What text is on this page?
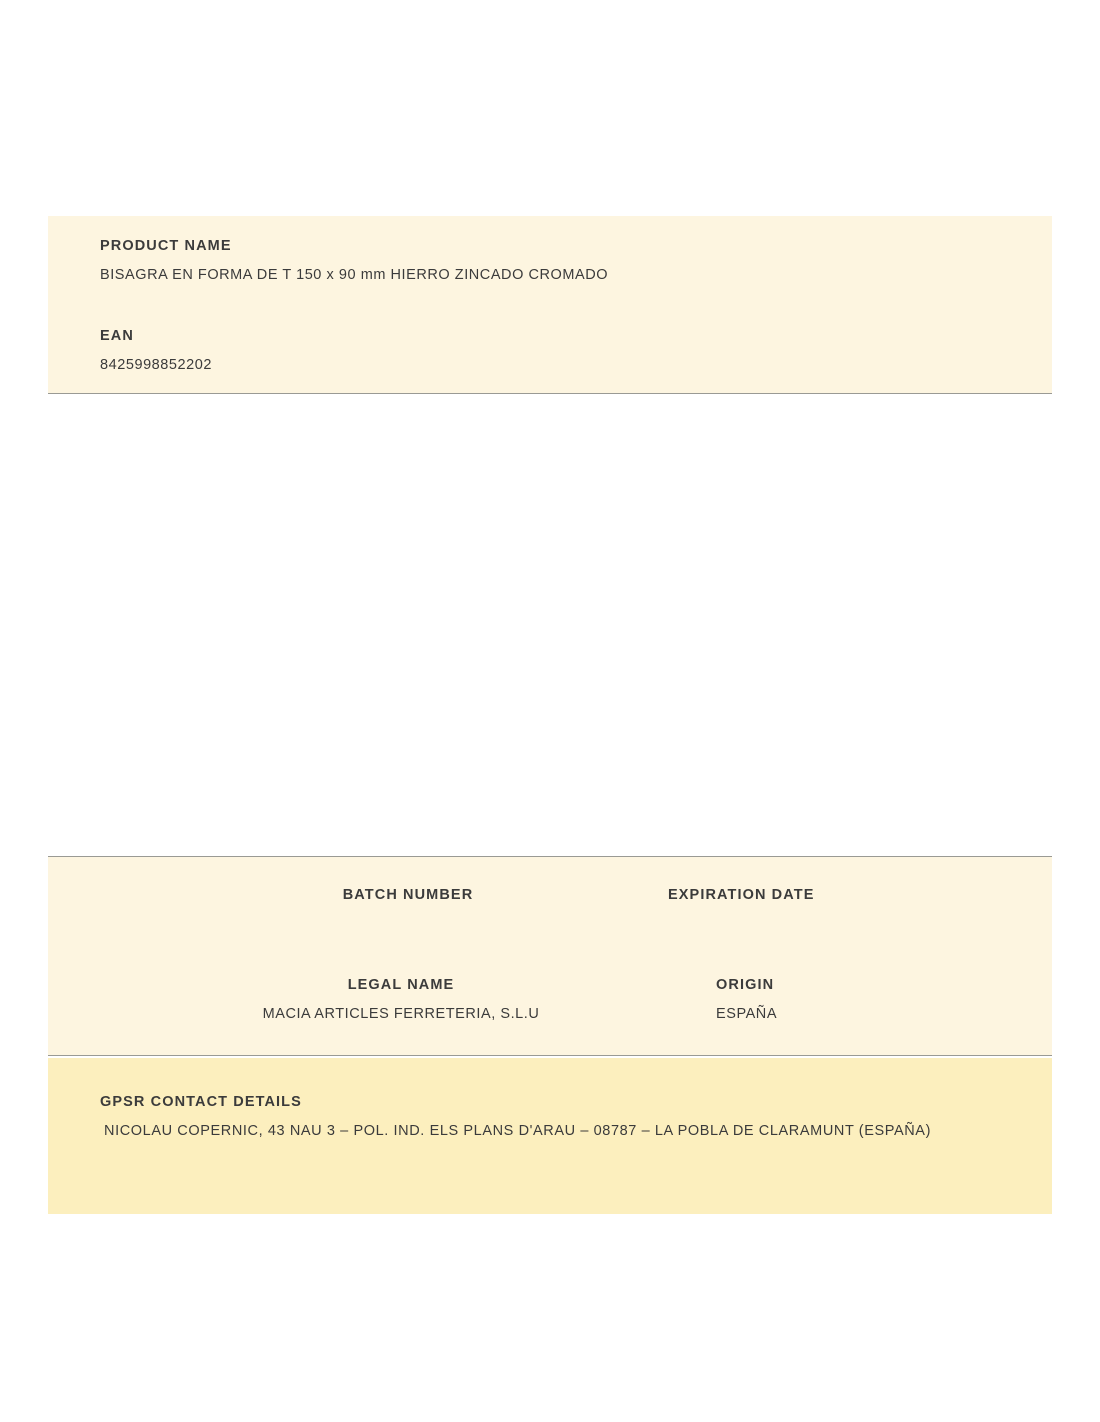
PRODUCT NAME
BISAGRA EN FORMA DE T 150 x 90 mm HIERRO ZINCADO CROMADO
EAN
8425998852202
BATCH NUMBER	EXPIRATION DATE
LEGAL NAME
MACIA ARTICLES FERRETERIA, S.L.U
ORIGIN
ESPAÑA
GPSR CONTACT DETAILS
NICOLAU COPERNIC, 43 NAU 3 – POL. IND. ELS PLANS D'ARAU – 08787 – LA POBLA DE CLARAMUNT (ESPAÑA)
